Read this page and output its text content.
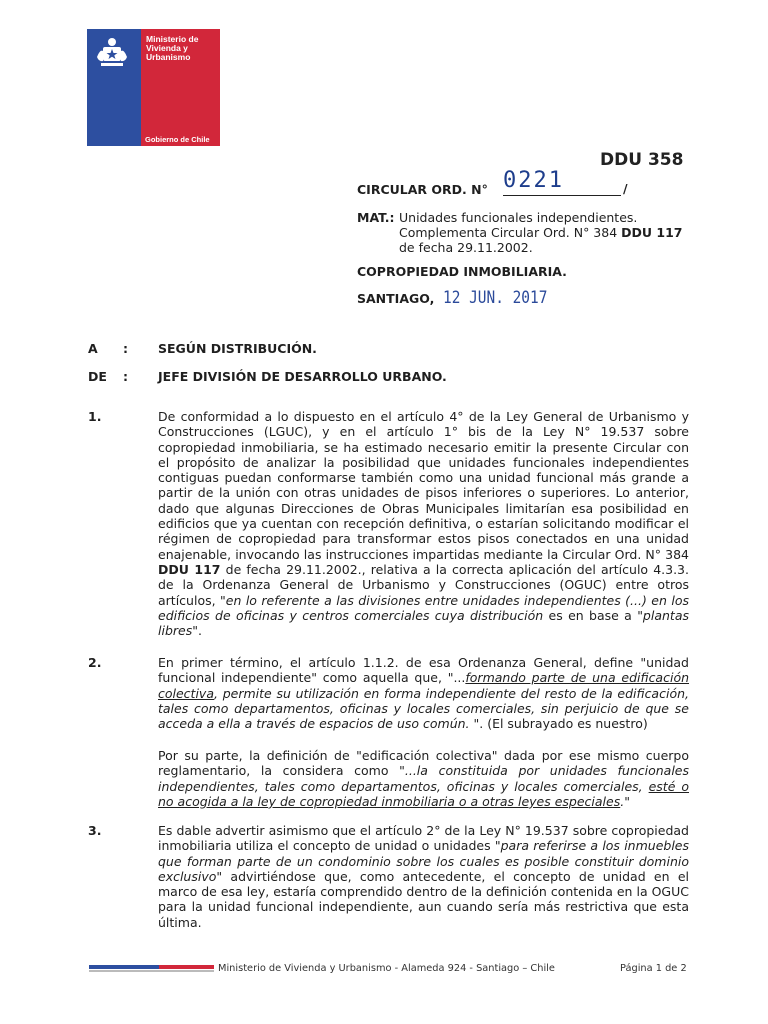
Ministerio de
Vivienda y
Urbanismo
Gobierno de Chile
DDU 358
CIRCULAR ORD. N° 0221	/
MAT.: Unidades funcionales independientes. Complementa Circular Ord. N° 384 DDU 117 de fecha 29.11.2002.
COPROPIEDAD INMOBILIARIA.
SANTIAGO, 12 JUN. 2017
A : SEGÚN DISTRIBUCIÓN.
DE : JEFE DIVISIÓN DE DESARROLLO URBANO.
1.	De conformidad a lo dispuesto en el artículo 4° de la Ley General de Urbanismo y Construcciones (LGUC), y en el artículo 1° bis de la Ley N° 19.537 sobre copropiedad inmobiliaria, se ha estimado necesario emitir la presente Circular con el propósito de analizar la posibilidad que unidades funcionales independientes contiguas puedan conformarse también como una unidad funcional más grande a partir de la unión con otras unidades de pisos inferiores o superiores. Lo anterior, dado que algunas Direcciones de Obras Municipales limitarían esa posibilidad en edificios que ya cuentan con recepción definitiva, o estarían solicitando modificar el régimen de copropiedad para transformar estos pisos conectados en una unidad enajenable, invocando las instrucciones impartidas mediante la Circular Ord. N° 384 DDU 117 de fecha 29.11.2002., relativa a la correcta aplicación del artículo 4.3.3. de la Ordenanza General de Urbanismo y Construcciones (OGUC) entre otros artículos, "en lo referente a las divisiones entre unidades independientes (...) en los edificios de oficinas y centros comerciales cuya distribución es en base a "plantas libres".
2.	En primer término, el artículo 1.1.2. de esa Ordenanza General, define "unidad funcional independiente" como aquella que, "...formando parte de una edificación colectiva, permite su utilización en forma independiente del resto de la edificación, tales como departamentos, oficinas y locales comerciales, sin perjuicio de que se acceda a ella a través de espacios de uso común. ". (El subrayado es nuestro)
Por su parte, la definición de "edificación colectiva" dada por ese mismo cuerpo reglamentario, la considera como "...la constituida por unidades funcionales independientes, tales como departamentos, oficinas y locales comerciales, esté o no acogida a la ley de copropiedad inmobiliaria o a otras leyes especiales."
3.	Es dable advertir asimismo que el artículo 2° de la Ley N° 19.537 sobre copropiedad inmobiliaria utiliza el concepto de unidad o unidades "para referirse a los inmuebles que forman parte de un condominio sobre los cuales es posible constituir dominio exclusivo" advirtiéndose que, como antecedente, el concepto de unidad en el marco de esa ley, estaría comprendido dentro de la definición contenida en la OGUC para la unidad funcional independiente, aun cuando sería más restrictiva que esta última.
Ministerio de Vivienda y Urbanismo - Alameda 924 - Santiago – Chile	Página 1 de 2
